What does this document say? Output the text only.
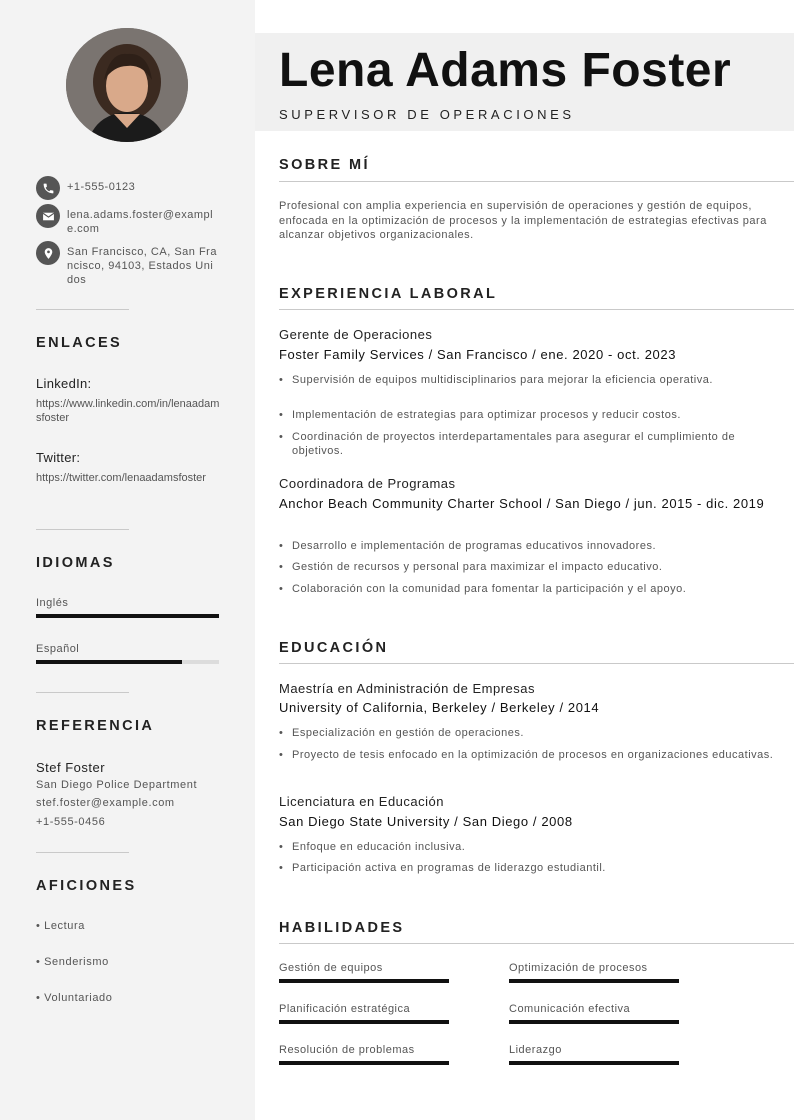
+1-555-0123
lena.adams.foster@example.com
San Francisco, CA, San Francisco, 94103, Estados Unidos
ENLACES
LinkedIn:
https://www.linkedin.com/in/lenaadamsfoster
Twitter:
https://twitter.com/lenaadamsfoster
IDIOMAS
Inglés
Español
REFERENCIA
Stef Foster
San Diego Police Department
stef.foster@example.com
+1-555-0456
AFICIONES
• Lectura
• Senderismo
• Voluntariado
Lena Adams Foster
SUPERVISOR DE OPERACIONES
SOBRE MÍ
Profesional con amplia experiencia en supervisión de operaciones y gestión de equipos, enfocada en la optimización de procesos y la implementación de estrategias efectivas para alcanzar objetivos organizacionales.
EXPERIENCIA LABORAL
Gerente de Operaciones
Foster Family Services / San Francisco / ene. 2020 - oct. 2023
• Supervisión de equipos multidisciplinarios para mejorar la eficiencia operativa.
• Implementación de estrategias para optimizar procesos y reducir costos.
• Coordinación de proyectos interdepartamentales para asegurar el cumplimiento de objetivos.
Coordinadora de Programas
Anchor Beach Community Charter School / San Diego / jun. 2015 - dic. 2019
• Desarrollo e implementación de programas educativos innovadores.
• Gestión de recursos y personal para maximizar el impacto educativo.
• Colaboración con la comunidad para fomentar la participación y el apoyo.
EDUCACIÓN
Maestría en Administración de Empresas
University of California, Berkeley / Berkeley / 2014
• Especialización en gestión de operaciones.
• Proyecto de tesis enfocado en la optimización de procesos en organizaciones educativas.
Licenciatura en Educación
San Diego State University / San Diego / 2008
• Enfoque en educación inclusiva.
• Participación activa en programas de liderazgo estudiantil.
HABILIDADES
Gestión de equipos	Optimización de procesos
Planificación estratégica	Comunicación efectiva
Resolución de problemas	Liderazgo
